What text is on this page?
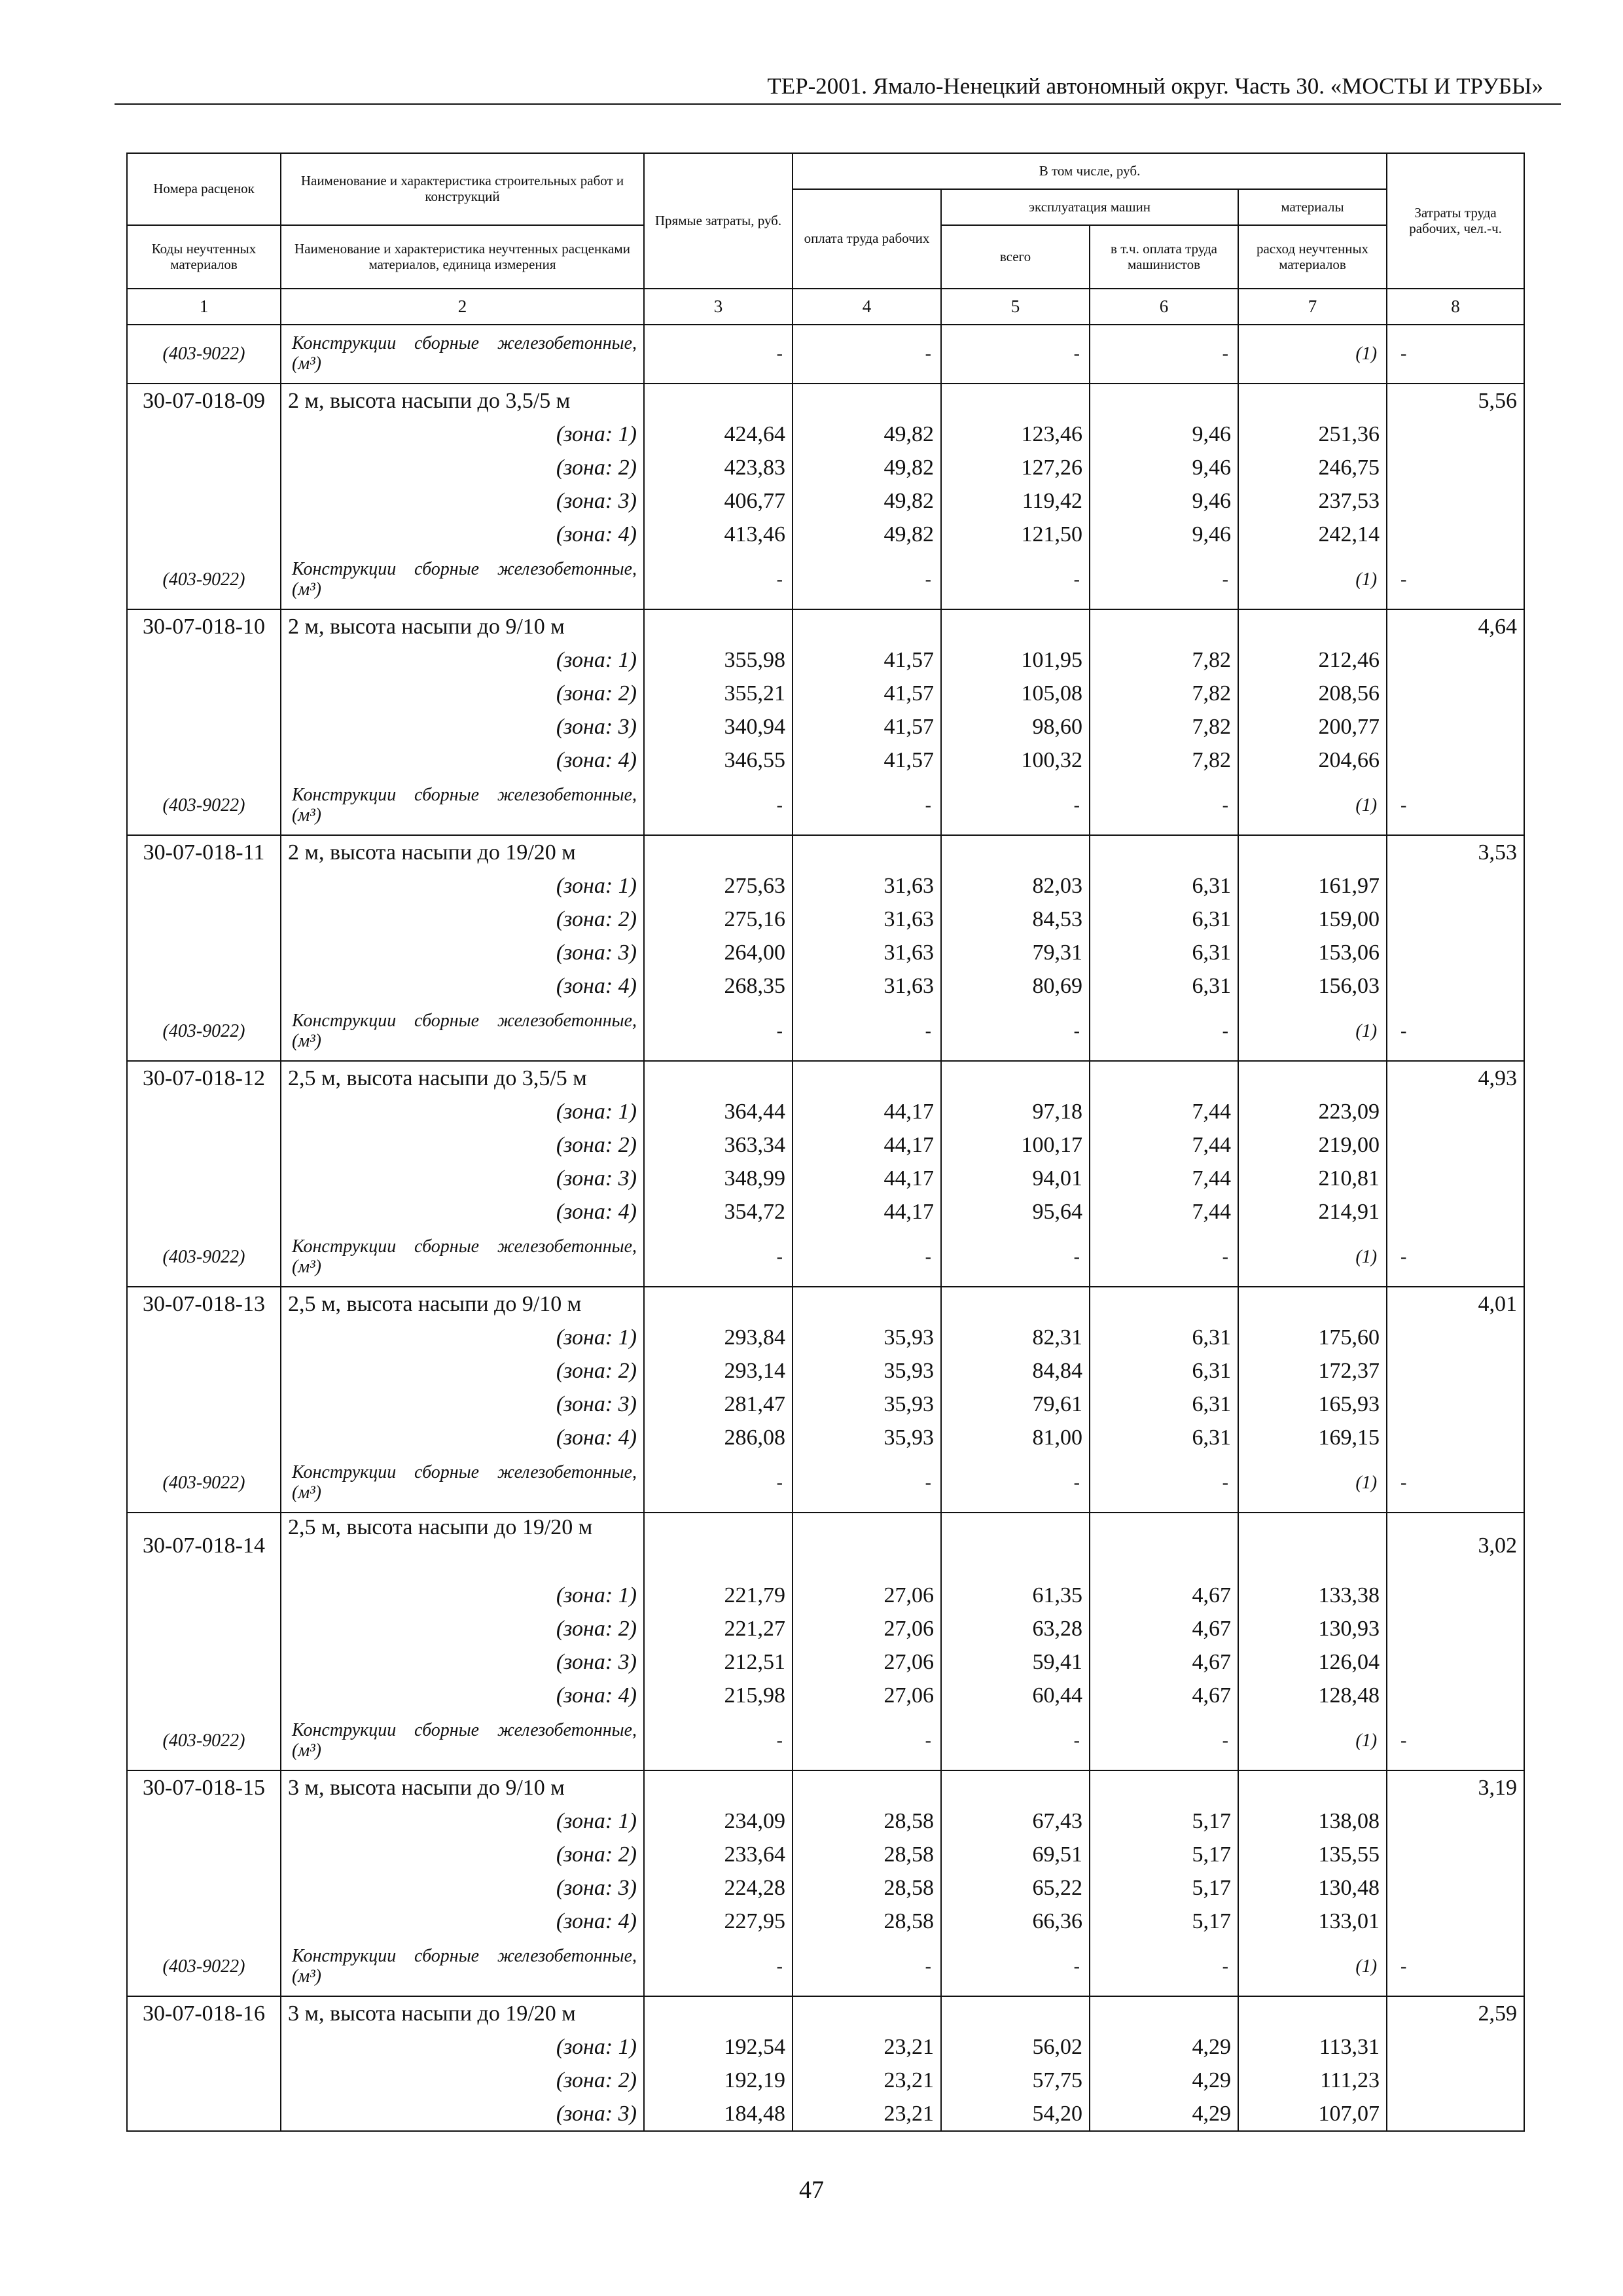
ТЕР-2001. Ямало-Ненецкий автономный округ. Часть 30. «МОСТЫ И ТРУБЫ»
Номера расценок	Наименование и характеристика строительных работ и конструкций	Прямые затраты, руб.	В том числе, руб.				Затраты труда рабочих, чел.-ч.
			оплата труда рабочих	эксплуатация машин		материалы	
Коды неучтенных материалов	Наименование и характеристика неучтенных расценками материалов, единица измерения			всего	в т.ч. оплата труда машинистов	расход неучтенных материалов	
1	2	3	4	5	6	7	8
(403-9022)	Конструкции сборные железобетонные, (м³)	-	-	-	-	(1)	-
30-07-018-09	2 м, высота насыпи до 3,5/5 м						5,56
	(зона: 1)	424,64	49,82	123,46	9,46	251,36	
	(зона: 2)	423,83	49,82	127,26	9,46	246,75	
	(зона: 3)	406,77	49,82	119,42	9,46	237,53	
	(зона: 4)	413,46	49,82	121,50	9,46	242,14	
(403-9022)	Конструкции сборные железобетонные, (м³)	-	-	-	-	(1)	-
30-07-018-10	2 м, высота насыпи до 9/10 м						4,64
	(зона: 1)	355,98	41,57	101,95	7,82	212,46	
	(зона: 2)	355,21	41,57	105,08	7,82	208,56	
	(зона: 3)	340,94	41,57	98,60	7,82	200,77	
	(зона: 4)	346,55	41,57	100,32	7,82	204,66	
(403-9022)	Конструкции сборные железобетонные, (м³)	-	-	-	-	(1)	-
30-07-018-11	2 м, высота насыпи до 19/20 м						3,53
	(зона: 1)	275,63	31,63	82,03	6,31	161,97	
	(зона: 2)	275,16	31,63	84,53	6,31	159,00	
	(зона: 3)	264,00	31,63	79,31	6,31	153,06	
	(зона: 4)	268,35	31,63	80,69	6,31	156,03	
(403-9022)	Конструкции сборные железобетонные, (м³)	-	-	-	-	(1)	-
30-07-018-12	2,5 м, высота насыпи до 3,5/5 м						4,93
	(зона: 1)	364,44	44,17	97,18	7,44	223,09	
	(зона: 2)	363,34	44,17	100,17	7,44	219,00	
	(зона: 3)	348,99	44,17	94,01	7,44	210,81	
	(зона: 4)	354,72	44,17	95,64	7,44	214,91	
(403-9022)	Конструкции сборные железобетонные, (м³)	-	-	-	-	(1)	-
30-07-018-13	2,5 м, высота насыпи до 9/10 м						4,01
	(зона: 1)	293,84	35,93	82,31	6,31	175,60	
	(зона: 2)	293,14	35,93	84,84	6,31	172,37	
	(зона: 3)	281,47	35,93	79,61	6,31	165,93	
	(зона: 4)	286,08	35,93	81,00	6,31	169,15	
(403-9022)	Конструкции сборные железобетонные, (м³)	-	-	-	-	(1)	-
30-07-018-14	2,5 м, высота насыпи до 19/20 м						3,02
	(зона: 1)	221,79	27,06	61,35	4,67	133,38	
	(зона: 2)	221,27	27,06	63,28	4,67	130,93	
	(зона: 3)	212,51	27,06	59,41	4,67	126,04	
	(зона: 4)	215,98	27,06	60,44	4,67	128,48	
(403-9022)	Конструкции сборные железобетонные, (м³)	-	-	-	-	(1)	-
30-07-018-15	3 м, высота насыпи до 9/10 м						3,19
	(зона: 1)	234,09	28,58	67,43	5,17	138,08	
	(зона: 2)	233,64	28,58	69,51	5,17	135,55	
	(зона: 3)	224,28	28,58	65,22	5,17	130,48	
	(зона: 4)	227,95	28,58	66,36	5,17	133,01	
(403-9022)	Конструкции сборные железобетонные, (м³)	-	-	-	-	(1)	-
30-07-018-16	3 м, высота насыпи до 19/20 м						2,59
	(зона: 1)	192,54	23,21	56,02	4,29	113,31	
	(зона: 2)	192,19	23,21	57,75	4,29	111,23	
	(зона: 3)	184,48	23,21	54,20	4,29	107,07	
47
